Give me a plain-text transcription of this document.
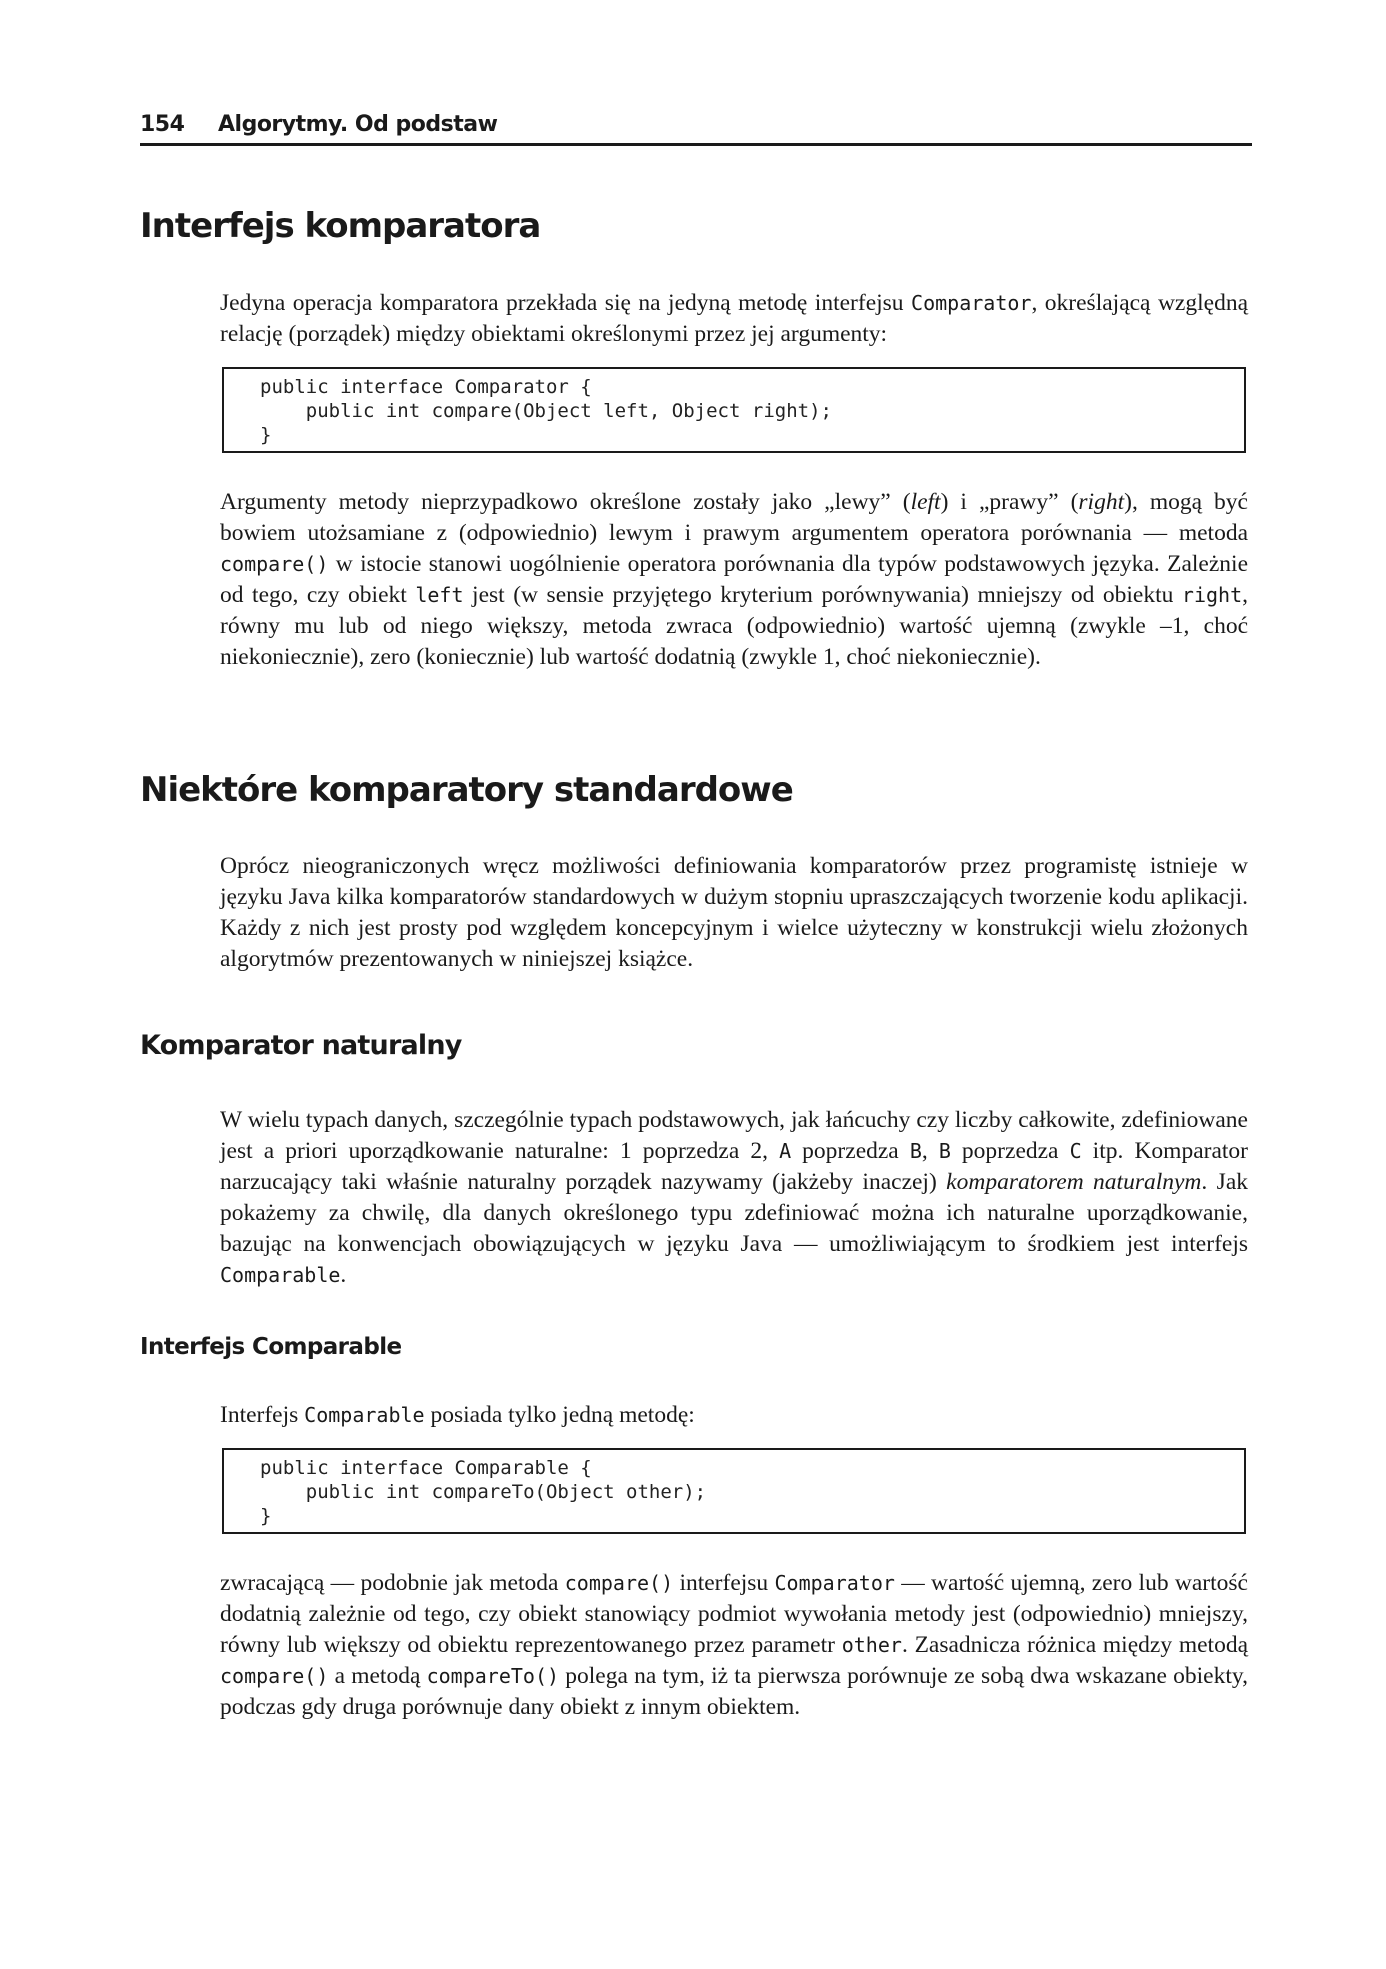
154 Algorytmy. Od podstaw
Interfejs komparatora

Jedyna operacja komparatora przekłada się na jedyną metodę interfejsu Comparator, określającą względną relację (porządek) między obiektami określonymi przez jej argumenty:

public interface Comparator {
public int compare(Object left, Object right);
}

Argumenty metody nieprzypadkowo określone zostały jako „lewy” (left) i „prawy” (right), mogą być bowiem utożsamiane z (odpowiednio) lewym i prawym argumentem operatora porównania — metoda compare() w istocie stanowi uogólnienie operatora porównania dla typów podstawowych języka. Zależnie od tego, czy obiekt left jest (w sensie przyjętego kryterium porównywania) mniejszy od obiektu right, równy mu lub od niego większy, metoda zwraca (odpowiednio) wartość ujemną (zwykle –1, choć niekoniecznie), zero (koniecznie) lub wartość dodatnią (zwykle 1, choć niekoniecznie).

Niektóre komparatory standardowe

Oprócz nieograniczonych wręcz możliwości definiowania komparatorów przez programistę istnieje w języku Java kilka komparatorów standardowych w dużym stopniu upraszczających tworzenie kodu aplikacji. Każdy z nich jest prosty pod względem koncepcyjnym i wielce użyteczny w konstrukcji wielu złożonych algorytmów prezentowanych w niniejszej książce.

Komparator naturalny

W wielu typach danych, szczególnie typach podstawowych, jak łańcuchy czy liczby całkowite, zdefiniowane jest a priori uporządkowanie naturalne: 1 poprzedza 2, A poprzedza B, B poprzedza C itp. Komparator narzucający taki właśnie naturalny porządek nazywamy (jakżeby inaczej) komparatorem naturalnym. Jak pokażemy za chwilę, dla danych określonego typu zdefiniować można ich naturalne uporządkowanie, bazując na konwencjach obowiązujących w języku Java — umożliwiającym to środkiem jest interfejs Comparable.

Interfejs Comparable

Interfejs Comparable posiada tylko jedną metodę:

public interface Comparable {
public int compareTo(Object other);
}

zwracającą — podobnie jak metoda compare() interfejsu Comparator — wartość ujemną, zero lub wartość dodatnią zależnie od tego, czy obiekt stanowiący podmiot wywołania metody jest (odpowiednio) mniejszy, równy lub większy od obiektu reprezentowanego przez parametr other. Zasadnicza różnica między metodą compare() a metodą compareTo() polega na tym, iż ta pierwsza porównuje ze sobą dwa wskazane obiekty, podczas gdy druga porównuje dany obiekt z innym obiektem.
